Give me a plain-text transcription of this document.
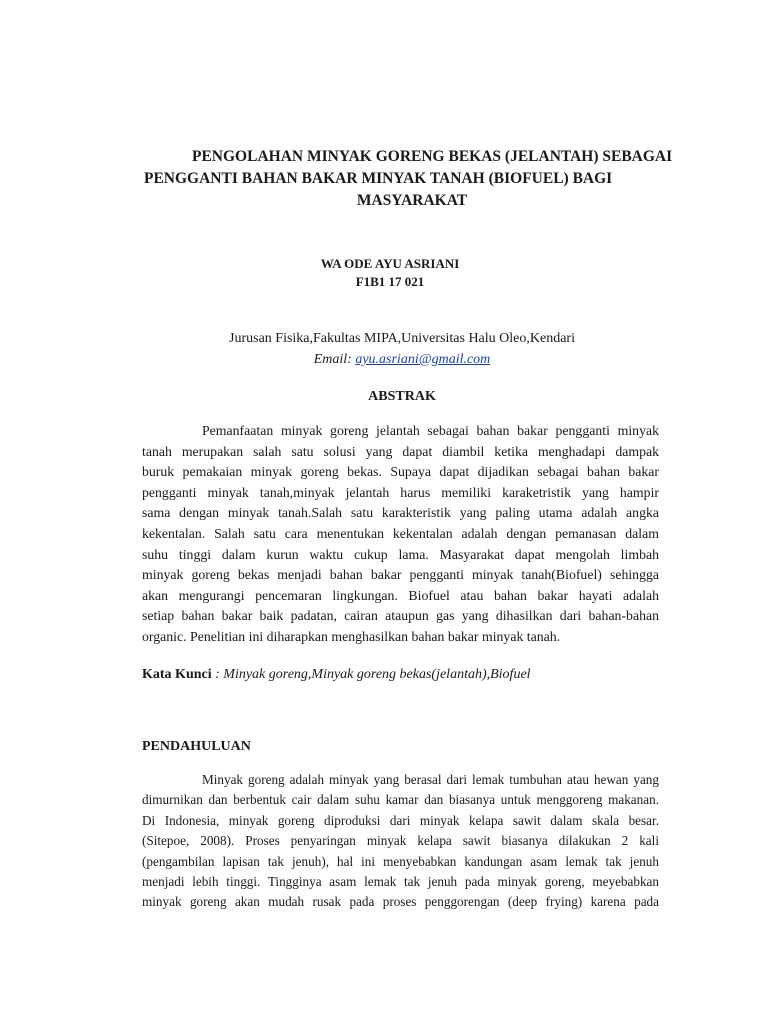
PENGOLAHAN MINYAK GORENG BEKAS (JELANTAH) SEBAGAI
PENGGANTI BAHAN BAKAR MINYAK TANAH (BIOFUEL) BAGI
MASYARAKAT
WA ODE AYU ASRIANI
F1B1 17 021
Jurusan Fisika,Fakultas MIPA,Universitas Halu Oleo,Kendari
Email: ayu.asriani@gmail.com
ABSTRAK
Pemanfaatan minyak goreng jelantah sebagai bahan bakar pengganti minyak
tanah merupakan salah satu solusi yang dapat diambil ketika menghadapi dampak
buruk pemakaian minyak goreng bekas. Supaya dapat dijadikan sebagai bahan bakar
pengganti minyak tanah,minyak jelantah harus memiliki karaketristik yang hampir
sama dengan minyak tanah.Salah satu karakteristik yang paling utama adalah angka
kekentalan. Salah satu cara menentukan kekentalan adalah dengan pemanasan dalam
suhu tinggi dalam kurun waktu cukup lama. Masyarakat dapat mengolah limbah
minyak goreng bekas menjadi bahan bakar pengganti minyak tanah(Biofuel) sehingga
akan mengurangi pencemaran lingkungan. Biofuel atau bahan bakar hayati adalah
setiap bahan bakar baik padatan, cairan ataupun gas yang dihasilkan dari bahan-bahan
organic. Penelitian ini diharapkan menghasilkan bahan bakar minyak tanah.
Kata Kunci : Minyak goreng,Minyak goreng bekas(jelantah),Biofuel
PENDAHULUAN
Minyak goreng adalah minyak yang berasal dari lemak tumbuhan atau hewan yang
dimurnikan dan berbentuk cair dalam suhu kamar dan biasanya untuk menggoreng makanan.
Di Indonesia, minyak goreng diproduksi dari minyak kelapa sawit dalam skala besar.
(Sitepoe, 2008). Proses penyaringan minyak kelapa sawit biasanya dilakukan 2 kali
(pengambilan lapisan tak jenuh), hal ini menyebabkan kandungan asam lemak tak jenuh
menjadi lebih tinggi. Tingginya asam lemak tak jenuh pada minyak goreng, meyebabkan
minyak goreng akan mudah rusak pada proses penggorengan (deep frying) karena pada
